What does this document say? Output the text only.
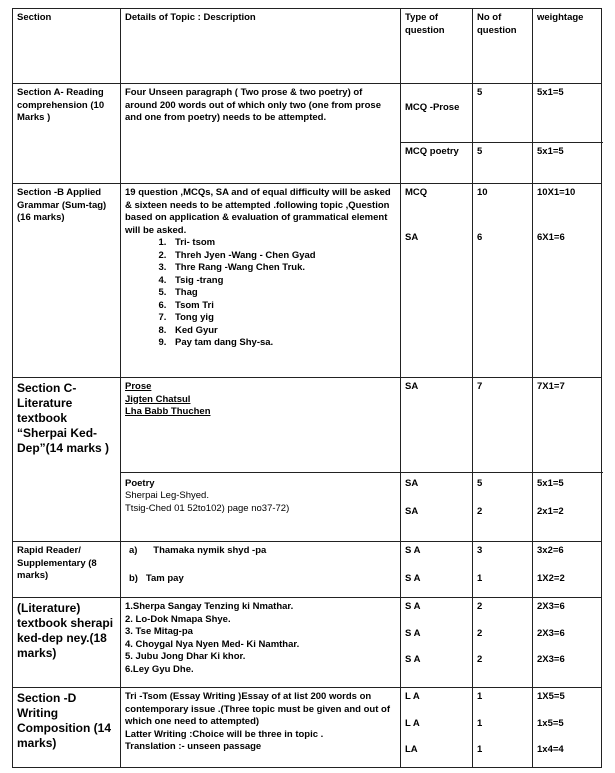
Section	Details of Topic : Description	Type of question
No of question
weightage
Section A- Reading comprehension (10 Marks )
Four Unseen paragraph ( Two prose & two poetry) of around 200 words out of which only two (one from prose and one from poetry) needs to be attempted.
MCQ -Prose
MCQ poetry
5
5
5x1=5
5x1=5
Section -B Applied Grammar (Sum-tag) (16 marks)
19 question ,MCQs, SA and of equal difficulty will be asked & sixteen needs to be attempted .following topic ,Question based on application & evaluation of grammatical element will be asked.
1. Tri- tsom
2. Threh Jyen -Wang - Chen Gyad
3. Thre Rang -Wang Chen Truk.
4. Tsig -trang
5. Thag
6. Tsom Tri
7. Tong yig
8. Ked Gyur
9. Pay tam dang Shy-sa.
MCQ
SA
10
6
10X1=10
6X1=6
Section C- Literature textbook “Sherpai Ked-Dep”(14 marks )
Prose
Jigten Chatsul
Lha Babb Thuchen
Poetry
Sherpai Leg-Shyed.
Ttsig-Ched 01 52to102) page no37-72)
SA
SA
SA
7
5
2
7X1=7
5x1=5
2x1=2
Rapid Reader/
Supplementary (8 marks)
a) Thamaka nymik shyd -pa
b) Tam pay
S A
S A
3
1
3x2=6
1X2=2
(Literature) textbook sherapi ked-dep ney.(18 marks)
1.Sherpa Sangay Tenzing ki Nmathar.
2. Lo-Dok Nmapa Shye.
3. Tse Mitag-pa
4. Choygal Nya Nyen Med- Ki Namthar.
5. Jubu Jong Dhar Ki khor.
6.Ley Gyu Dhe.
S A
S A
S A
2
2
2
2X3=6
2X3=6
2X3=6
Section -D Writing Composition (14 marks)
Tri -Tsom (Essay Writing )Essay of at list 200 words on contemporary issue .(Three topic must be given and out of which one need to attempted)
Latter Writing :Choice will be three in topic .
Translation :- unseen passage
L A
L A
LA
1
1
1
1X5=5
1x5=5
1x4=4
